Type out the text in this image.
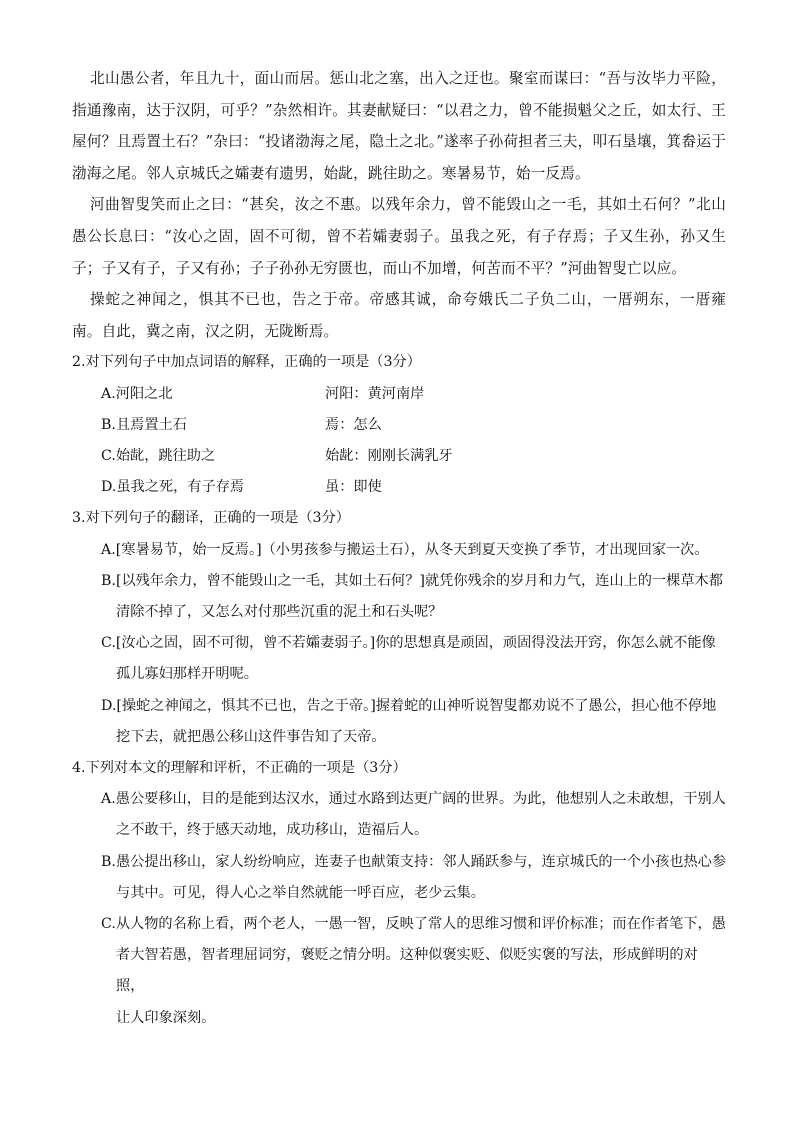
北山愚公者，年且九十，面山而居。惩山北之塞，出入之迂也。聚室而谋曰：“吾与汝毕力平险，指通豫南，达于汉阴，可乎？”杂然相许。其妻献疑曰：“以君之力，曾不能损魁父之丘，如太行、王屋何？且焉置土石？”杂曰：“投诸渤海之尾，隐土之北。”遂率子孙荷担者三夫，叩石垦壤，箕畚运于渤海之尾。邻人京城氏之孀妻有遗男，始龀，跳往助之。寒暑易节，始一反焉。

河曲智叟笑而止之曰：“甚矣，汝之不惠。以残年余力，曾不能毁山之一毛，其如土石何？”北山愚公长息曰：“汝心之固，固不可彻，曾不若孀妻弱子。虽我之死，有子存焉；子又生孙，孙又生子；子又有子，子又有孙；子子孙孙无穷匮也，而山不加增，何苦而不平？”河曲智叟亡以应。

操蛇之神闻之，惧其不已也，告之于帝。帝感其诚，命夸娥氏二子负二山，一厝朔东，一厝雍南。自此，冀之南，汉之阴，无陇断焉。

2.对下列句子中加点词语的解释，正确的一项是（3分）

A.河阳之北	河阳：黄河南岸
B.且焉置土石	焉：怎么
C.始龀，跳往助之	始龀：刚刚长满乳牙
D.虽我之死，有子存焉	虽：即使

3.对下列句子的翻译，正确的一项是（3分）

A.[寒暑易节，始一反焉。]（小男孩参与搬运土石），从冬天到夏天变换了季节，才出现回家一次。
B.[以残年余力，曾不能毁山之一毛，其如土石何？]就凭你残余的岁月和力气，连山上的一棵草木都
清除不掉了，又怎么对付那些沉重的泥土和石头呢？
C.[汝心之固，固不可彻，曾不若孀妻弱子。]你的思想真是顽固，顽固得没法开窍，你怎么就不能像
孤儿寡妇那样开明呢。
D.[操蛇之神闻之，惧其不已也，告之于帝。]握着蛇的山神听说智叟都劝说不了愚公，担心他不停地
挖下去，就把愚公移山这件事告知了天帝。

4.下列对本文的理解和评析，不正确的一项是（3分）

A.愚公要移山，目的是能到达汉水，通过水路到达更广阔的世界。为此，他想别人之未敢想，干别人
之不敢干，终于感天动地，成功移山，造福后人。
B.愚公提出移山，家人纷纷响应，连妻子也献策支持：邻人踊跃参与，连京城氏的一个小孩也热心参
与其中。可见，得人心之举自然就能一呼百应，老少云集。
C.从人物的名称上看，两个老人，一愚一智，反映了常人的思维习惯和评价标准；而在作者笔下，愚
者大智若愚，智者理屈词穷，褒贬之情分明。这种似褒实贬、似贬实褒的写法，形成鲜明的对照，
让人印象深刻。
